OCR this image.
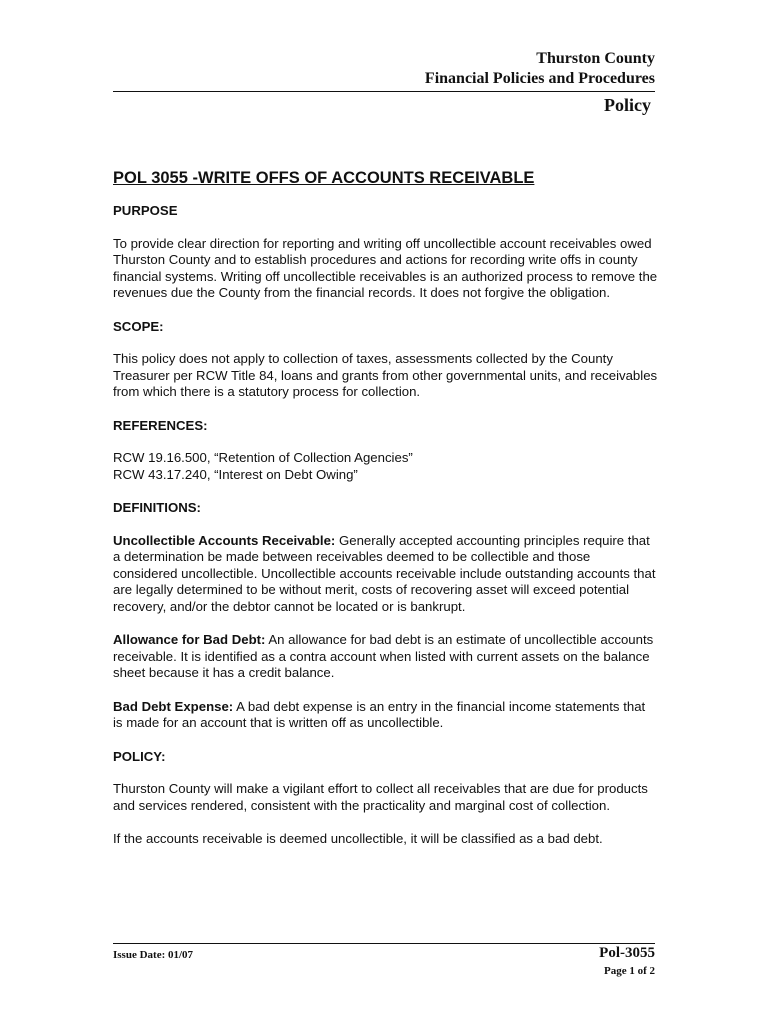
Thurston County
Financial Policies and Procedures
Policy
POL 3055 -WRITE OFFS OF ACCOUNTS RECEIVABLE

PURPOSE

To provide clear direction for reporting and writing off uncollectible account receivables owed Thurston County and to establish procedures and actions for recording write offs in county financial systems. Writing off uncollectible receivables is an authorized process to remove the revenues due the County from the financial records. It does not forgive the obligation.

SCOPE:

This policy does not apply to collection of taxes, assessments collected by the County Treasurer per RCW Title 84, loans and grants from other governmental units, and receivables from which there is a statutory process for collection.

REFERENCES:

RCW 19.16.500, “Retention of Collection Agencies”

RCW 43.17.240, “Interest on Debt Owing”

DEFINITIONS:

Uncollectible Accounts Receivable: Generally accepted accounting principles require that a determination be made between receivables deemed to be collectible and those considered uncollectible. Uncollectible accounts receivable include outstanding accounts that are legally determined to be without merit, costs of recovering asset will exceed potential recovery, and/or the debtor cannot be located or is bankrupt.

Allowance for Bad Debt: An allowance for bad debt is an estimate of uncollectible accounts receivable. It is identified as a contra account when listed with current assets on the balance sheet because it has a credit balance.

Bad Debt Expense: A bad debt expense is an entry in the financial income statements that is made for an account that is written off as uncollectible.

POLICY:

Thurston County will make a vigilant effort to collect all receivables that are due for products and services rendered, consistent with the practicality and marginal cost of collection.

If the accounts receivable is deemed uncollectible, it will be classified as a bad debt.

Issue Date: 01/07	Pol-3055

Page 1 of 2
